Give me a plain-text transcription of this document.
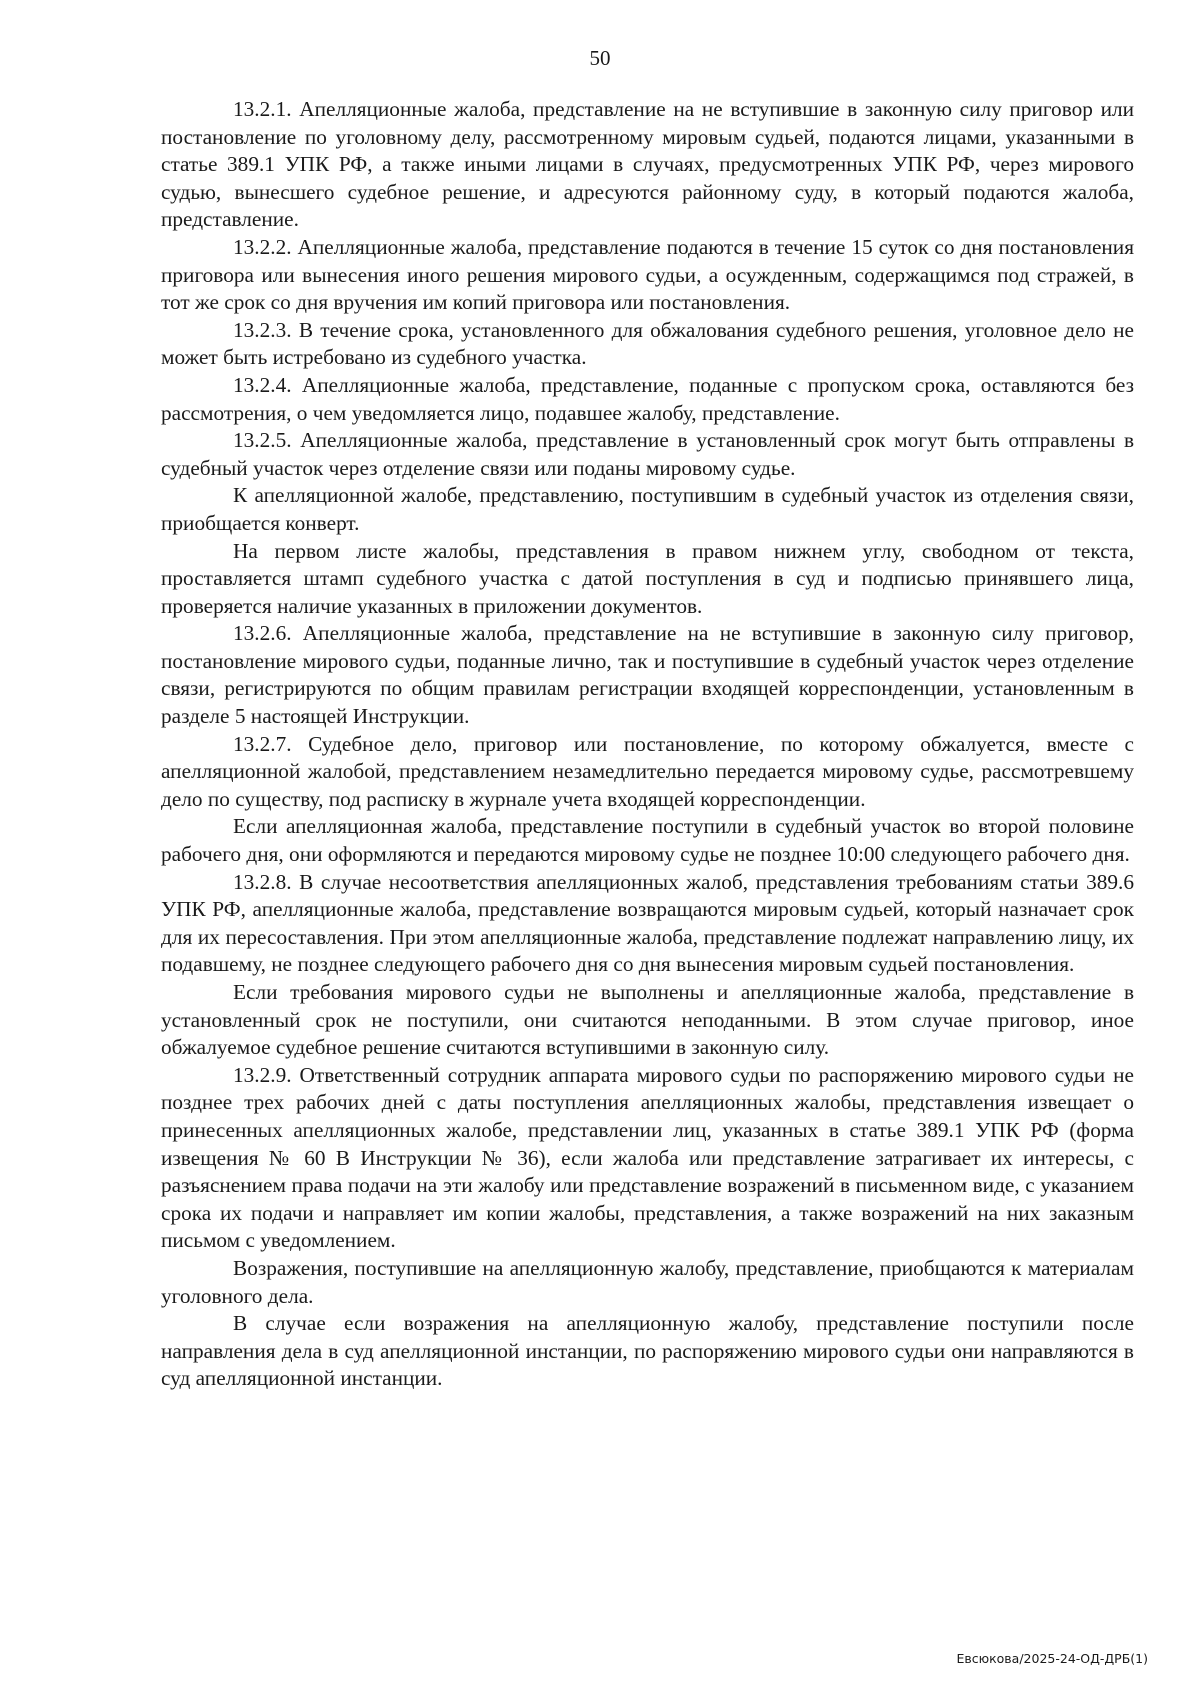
50

13.2.1. Апелляционные жалоба, представление на не вступившие в законную силу приговор или постановление по уголовному делу, рассмотренному мировым судьей, подаются лицами, указанными в статье 389.1 УПК РФ, а также иными лицами в случаях, предусмотренных УПК РФ, через мирового судью, вынесшего судебное решение, и адресуются районному суду, в который подаются жалоба, представление.

13.2.2. Апелляционные жалоба, представление подаются в течение 15 суток со дня постановления приговора или вынесения иного решения мирового судьи, а осужденным, содержащимся под стражей, в тот же срок со дня вручения им копий приговора или постановления.

13.2.3. В течение срока, установленного для обжалования судебного решения, уголовное дело не может быть истребовано из судебного участка.

13.2.4. Апелляционные жалоба, представление, поданные с пропуском срока, оставляются без рассмотрения, о чем уведомляется лицо, подавшее жалобу, представление.

13.2.5. Апелляционные жалоба, представление в установленный срок могут быть отправлены в судебный участок через отделение связи или поданы мировому судье.

К апелляционной жалобе, представлению, поступившим в судебный участок из отделения связи, приобщается конверт.

На первом листе жалобы, представления в правом нижнем углу, свободном от текста, проставляется штамп судебного участка с датой поступления в суд и подписью принявшего лица, проверяется наличие указанных в приложении документов.

13.2.6. Апелляционные жалоба, представление на не вступившие в законную силу приговор, постановление мирового судьи, поданные лично, так и поступившие в судебный участок через отделение связи, регистрируются по общим правилам регистрации входящей корреспонденции, установленным в разделе 5 настоящей Инструкции.

13.2.7. Судебное дело, приговор или постановление, по которому обжалуется, вместе с апелляционной жалобой, представлением незамедлительно передается мировому судье, рассмотревшему дело по существу, под расписку в журнале учета входящей корреспонденции.

Если апелляционная жалоба, представление поступили в судебный участок во второй половине рабочего дня, они оформляются и передаются мировому судье не позднее 10:00 следующего рабочего дня.

13.2.8. В случае несоответствия апелляционных жалоб, представления требованиям статьи 389.6 УПК РФ, апелляционные жалоба, представление возвращаются мировым судьей, который назначает срок для их пересоставления. При этом апелляционные жалоба, представление подлежат направлению лицу, их подавшему, не позднее следующего рабочего дня со дня вынесения мировым судьей постановления.

Если требования мирового судьи не выполнены и апелляционные жалоба, представление в установленный срок не поступили, они считаются неподанными. В этом случае приговор, иное обжалуемое судебное решение считаются вступившими в законную силу.

13.2.9. Ответственный сотрудник аппарата мирового судьи по распоряжению мирового судьи не позднее трех рабочих дней с даты поступления апелляционных жалобы, представления извещает о принесенных апелляционных жалобе, представлении лиц, указанных в статье 389.1 УПК РФ (форма извещения № 60 В Инструкции № 36), если жалоба или представление затрагивает их интересы, с разъяснением права подачи на эти жалобу или представление возражений в письменном виде, с указанием срока их подачи и направляет им копии жалобы, представления, а также возражений на них заказным письмом с уведомлением.

Возражения, поступившие на апелляционную жалобу, представление, приобщаются к материалам уголовного дела.

В случае если возражения на апелляционную жалобу, представление поступили после направления дела в суд апелляционной инстанции, по распоряжению мирового судьи они направляются в суд апелляционной инстанции.

Евсюкова/2025-24-ОД-ДРБ(1)
